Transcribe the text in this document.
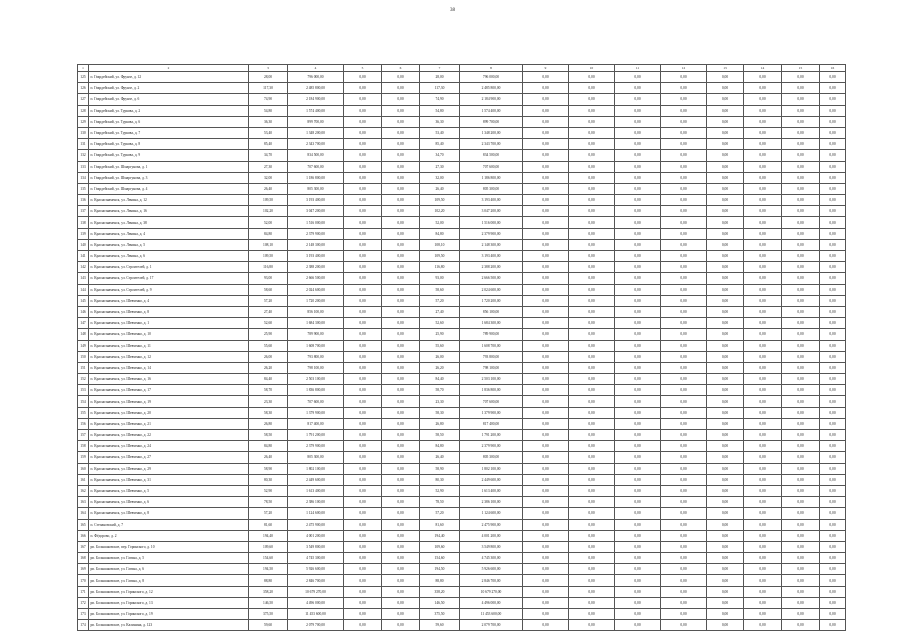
38
1	2	3	4	5	6	7	8	9	10	11	12	13	14	15	16
125	п. Гвардейский, ул. Фрунзе, д. 12	28,00	796 000,00	0,00	0,00	28,00	796 000,00	0,00	0,00	0,00	0,00	0,00	0,00	0,00	0,00
126	п. Гвардейский, ул. Фрунзе, д. 2	117,30	2 485 800,00	0,00	0,00	117,30	2 485 800,00	0,00	0,00	0,00	0,00	0,00	0,00	0,00	0,00
127	п. Гвардейский, ул. Фрунзе, д. 6	74,90	2 184 900,00	0,00	0,00	74,90	2 184 900,00	0,00	0,00	0,00	0,00	0,00	0,00	0,00	0,00
128	п. Гвардейский, ул. Туркова, д. 2	54,80	1 574 400,00	0,00	0,00	54,80	1 574 400,00	0,00	0,00	0,00	0,00	0,00	0,00	0,00	0,00
129	п. Гвардейский, ул. Туркова, д. 6	36,30	899 700,00	0,00	0,00	36,30	899 700,00	0,00	0,00	0,00	0,00	0,00	0,00	0,00	0,00
130	п. Гвардейский, ул. Туркова, д. 7	53,40	1 348 200,00	0,00	0,00	53,40	1 348 200,00	0,00	0,00	0,00	0,00	0,00	0,00	0,00	0,00
131	п. Гвардейский, ул. Туркова, д. 8	85,40	2 343 700,00	0,00	0,00	85,40	2 343 700,00	0,00	0,00	0,00	0,00	0,00	0,00	0,00	0,00
132	п. Гвардейский, ул. Туркова, д. 9	34,70	834 500,00	0,00	0,00	34,70	834 500,00	0,00	0,00	0,00	0,00	0,00	0,00	0,00	0,00
133	п. Гвардейский, ул. Шмаргунова, д. 1	27,30	707 600,00	0,00	0,00	27,30	707 600,00	0,00	0,00	0,00	0,00	0,00	0,00	0,00	0,00
134	п. Гвардейский, ул. Шмаргунова, д. 3	32,00	1 186 800,00	0,00	0,00	32,00	1 186 800,00	0,00	0,00	0,00	0,00	0,00	0,00	0,00	0,00
135	п. Гвардейский, ул. Шмаргунова, д. 4	26,40	805 300,00	0,00	0,00	26,40	805 300,00	0,00	0,00	0,00	0,00	0,00	0,00	0,00	0,00
136	п. Краснознаменск, ул. Ленина, д. 12	109,50	3 193 400,00	0,00	0,00	109,50	3 193 400,00	0,00	0,00	0,00	0,00	0,00	0,00	0,00	0,00
137	п. Краснознаменск, ул. Ленина, д. 16	102,20	3 047 200,00	0,00	0,00	102,20	3 047 200,00	0,00	0,00	0,00	0,00	0,00	0,00	0,00	0,00
138	п. Краснознаменск, ул. Ленина, д. 38	52,00	1 516 000,00	0,00	0,00	52,00	1 516 000,00	0,00	0,00	0,00	0,00	0,00	0,00	0,00	0,00
139	п. Краснознаменск, ул. Ленина, д. 4	84,80	2 379 900,00	0,00	0,00	84,80	2 379 900,00	0,00	0,00	0,00	0,00	0,00	0,00	0,00	0,00
140	п. Краснознаменск, ул. Ленина, д. 5	108,10	2 148 300,00	0,00	0,00	108,10	2 148 300,00	0,00	0,00	0,00	0,00	0,00	0,00	0,00	0,00
141	п. Краснознаменск, ул. Ленина, д. 6	109,50	3 193 400,00	0,00	0,00	109,50	3 193 400,00	0,00	0,00	0,00	0,00	0,00	0,00	0,00	0,00
142	п. Краснознаменск, ул. Строителей, д. 1	116,80	2 388 200,00	0,00	0,00	116,80	2 388 200,00	0,00	0,00	0,00	0,00	0,00	0,00	0,00	0,00
143	п. Краснознаменск, ул. Строителей, д. 17	93,00	2 666 500,00	0,00	0,00	93,00	2 666 500,00	0,00	0,00	0,00	0,00	0,00	0,00	0,00	0,00
144	п. Краснознаменск, ул. Строителей, д. 9	58,60	2 024 600,00	0,00	0,00	58,60	2 024 600,00	0,00	0,00	0,00	0,00	0,00	0,00	0,00	0,00
145	п. Краснознаменск, ул. Шевченко, д. 4	57,20	1 720 200,00	0,00	0,00	57,20	1 720 200,00	0,00	0,00	0,00	0,00	0,00	0,00	0,00	0,00
146	п. Краснознаменск, ул. Шевченко, д. 8	27,40	856 100,00	0,00	0,00	27,40	856 100,00	0,00	0,00	0,00	0,00	0,00	0,00	0,00	0,00
147	п. Краснознаменск, ул. Шевченко, д. 1	52,60	1 684 300,00	0,00	0,00	52,60	1 684 300,00	0,00	0,00	0,00	0,00	0,00	0,00	0,00	0,00
148	п. Краснознаменск, ул. Шевченко, д. 10	25,90	789 900,00	0,00	0,00	25,90	789 900,00	0,00	0,00	0,00	0,00	0,00	0,00	0,00	0,00
149	п. Краснознаменск, ул. Шевченко, д. 11	55,60	1 608 700,00	0,00	0,00	55,60	1 608 700,00	0,00	0,00	0,00	0,00	0,00	0,00	0,00	0,00
150	п. Краснознаменск, ул. Шевченко, д. 12	26,00	793 800,00	0,00	0,00	26,00	793 800,00	0,00	0,00	0,00	0,00	0,00	0,00	0,00	0,00
151	п. Краснознаменск, ул. Шевченко, д. 14	26,20	798 100,00	0,00	0,00	26,20	798 100,00	0,00	0,00	0,00	0,00	0,00	0,00	0,00	0,00
152	п. Краснознаменск, ул. Шевченко, д. 16	84,40	2 503 100,00	0,00	0,00	84,40	2 503 100,00	0,00	0,00	0,00	0,00	0,00	0,00	0,00	0,00
153	п. Краснознаменск, ул. Шевченко, д. 17	58,70	1 836 800,00	0,00	0,00	58,70	1 836 800,00	0,00	0,00	0,00	0,00	0,00	0,00	0,00	0,00
154	п. Краснознаменск, ул. Шевченко, д. 19	23,30	707 600,00	0,00	0,00	23,30	707 600,00	0,00	0,00	0,00	0,00	0,00	0,00	0,00	0,00
155	п. Краснознаменск, ул. Шевченко, д. 20	58,30	1 379 900,00	0,00	0,00	58,30	1 379 900,00	0,00	0,00	0,00	0,00	0,00	0,00	0,00	0,00
156	п. Краснознаменск, ул. Шевченко, д. 21	26,80	817 400,00	0,00	0,00	26,80	817 400,00	0,00	0,00	0,00	0,00	0,00	0,00	0,00	0,00
157	п. Краснознаменск, ул. Шевченко, д. 22	58,50	1 791 200,00	0,00	0,00	58,50	1 791 200,00	0,00	0,00	0,00	0,00	0,00	0,00	0,00	0,00
158	п. Краснознаменск, ул. Шевченко, д. 24	84,80	2 379 900,00	0,00	0,00	84,80	2 379 900,00	0,00	0,00	0,00	0,00	0,00	0,00	0,00	0,00
159	п. Краснознаменск, ул. Шевченко, д. 27	26,40	805 300,00	0,00	0,00	26,40	805 300,00	0,00	0,00	0,00	0,00	0,00	0,00	0,00	0,00
160	п. Краснознаменск, ул. Шевченко, д. 29	58,90	1 802 100,00	0,00	0,00	58,90	1 802 100,00	0,00	0,00	0,00	0,00	0,00	0,00	0,00	0,00
161	п. Краснознаменск, ул. Шевченко, д. 31	80,30	2 449 600,00	0,00	0,00	80,30	2 449 600,00	0,00	0,00	0,00	0,00	0,00	0,00	0,00	0,00
162	п. Краснознаменск, ул. Шевченко, д. 5	52,90	1 613 400,00	0,00	0,00	52,90	1 613 400,00	0,00	0,00	0,00	0,00	0,00	0,00	0,00	0,00
163	п. Краснознаменск, ул. Шевченко, д. 6	78,50	2 386 100,00	0,00	0,00	78,50	2 386 100,00	0,00	0,00	0,00	0,00	0,00	0,00	0,00	0,00
164	п. Краснознаменск, ул. Шевченко, д. 8	57,20	1 124 600,00	0,00	0,00	57,20	1 124 600,00	0,00	0,00	0,00	0,00	0,00	0,00	0,00	0,00
165	п. Степановский, д. 7	81,60	2 475 900,00	0,00	0,00	81,60	2 475 900,00	0,00	0,00	0,00	0,00	0,00	0,00	0,00	0,00
166	п. Фёдорово, д. 2	194,40	4 001 200,00	0,00	0,00	194,40	4 001 200,00	0,00	0,00	0,00	0,00	0,00	0,00	0,00	0,00
167	рп. Большаковское, пер. Горинского, д. 10	109,60	3 549 800,00	0,00	0,00	109,60	3 549 800,00	0,00	0,00	0,00	0,00	0,00	0,00	0,00	0,00
168	рп. Большаковское, ул. Гагина, д. 5	154,60	4 745 300,00	0,00	0,00	154,60	4 745 300,00	0,00	0,00	0,00	0,00	0,00	0,00	0,00	0,00
169	рп. Большаковское, ул. Гагина, д. 6	194,50	5 926 600,00	0,00	0,00	194,50	5 926 600,00	0,00	0,00	0,00	0,00	0,00	0,00	0,00	0,00
170	рп. Большаковское, ул. Гагина, д. 8	88,80	2 846 700,00	0,00	0,00	88,80	2 846 700,00	0,00	0,00	0,00	0,00	0,00	0,00	0,00	0,00
171	рп. Большаковское, ул. Горинского, д. 12	358,20	10 679 270,00	0,00	0,00	358,20	10 679 270,00	0,00	0,00	0,00	0,00	0,00	0,00	0,00	0,00
172	рп. Большаковское, ул. Горинского, д. 13	146,50	4 496 000,00	0,00	0,00	146,50	4 496 000,00	0,00	0,00	0,00	0,00	0,00	0,00	0,00	0,00
173	рп. Большаковское, ул. Горинского, д. 19	375,50	11 453 600,00	0,00	0,00	375,50	11 453 600,00	0,00	0,00	0,00	0,00	0,00	0,00	0,00	0,00
174	рп. Большаковское, ул. Калинина, д. 123	59,60	2 079 700,00	0,00	0,00	59,60	2 079 700,00	0,00	0,00	0,00	0,00	0,00	0,00	0,00	0,00
